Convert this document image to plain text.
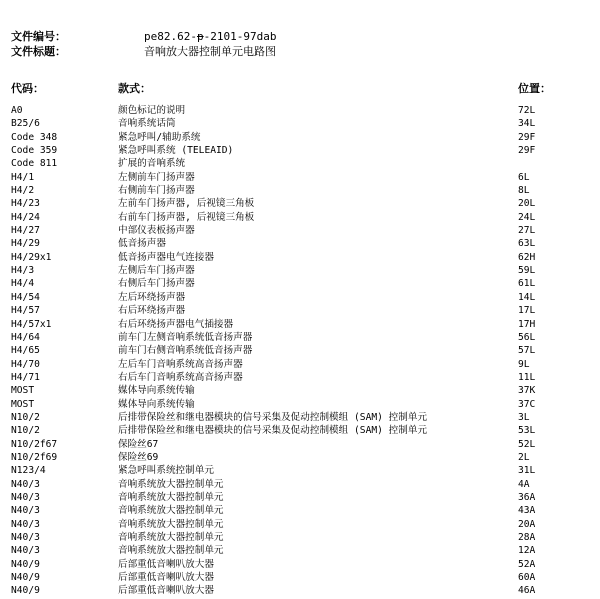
文件编号：	pe82.62-p-2101-97dab
文件标题：	音响放大器控制单元电路图
代码：	款式：	位置：
A0	颜色标记的说明	72L
B25/6	音响系统话筒	34L
Code 348	紧急呼叫/辅助系统	29F
Code 359	紧急呼叫系统 (TELEAID)	29F
Code 811	扩展的音响系统
H4/1	左侧前车门扬声器	6L
H4/2	右侧前车门扬声器	8L
H4/23	左前车门扬声器, 后视镜三角板	20L
H4/24	右前车门扬声器, 后视镜三角板	24L
H4/27	中部仪表板扬声器	27L
H4/29	低音扬声器	63L
H4/29x1	低音扬声器电气连接器	62H
H4/3	左侧后车门扬声器	59L
H4/4	右侧后车门扬声器	61L
H4/54	左后环绕扬声器	14L
H4/57	右后环绕扬声器	17L
H4/57x1	右后环绕扬声器电气插接器	17H
H4/64	前车门左侧音响系统低音扬声器	56L
H4/65	前车门右侧音响系统低音扬声器	57L
H4/70	左后车门音响系统高音扬声器	9L
H4/71	右后车门音响系统高音扬声器	11L
MOST	媒体导向系统传输	37K
MOST	媒体导向系统传输	37C
N10/2	后排带保险丝和继电器模块的信号采集及促动控制模组 (SAM) 控制单元	3L
N10/2	后排带保险丝和继电器模块的信号采集及促动控制模组 (SAM) 控制单元	53L
N10/2f67	保险丝67	52L
N10/2f69	保险丝69	2L
N123/4	紧急呼叫系统控制单元	31L
N40/3	音响系统放大器控制单元	4A
N40/3	音响系统放大器控制单元	36A
N40/3	音响系统放大器控制单元	43A
N40/3	音响系统放大器控制单元	20A
N40/3	音响系统放大器控制单元	28A
N40/3	音响系统放大器控制单元	12A
N40/9	后部重低音喇叭放大器	52A
N40/9	后部重低音喇叭放大器	60A
N40/9	后部重低音喇叭放大器	46A
